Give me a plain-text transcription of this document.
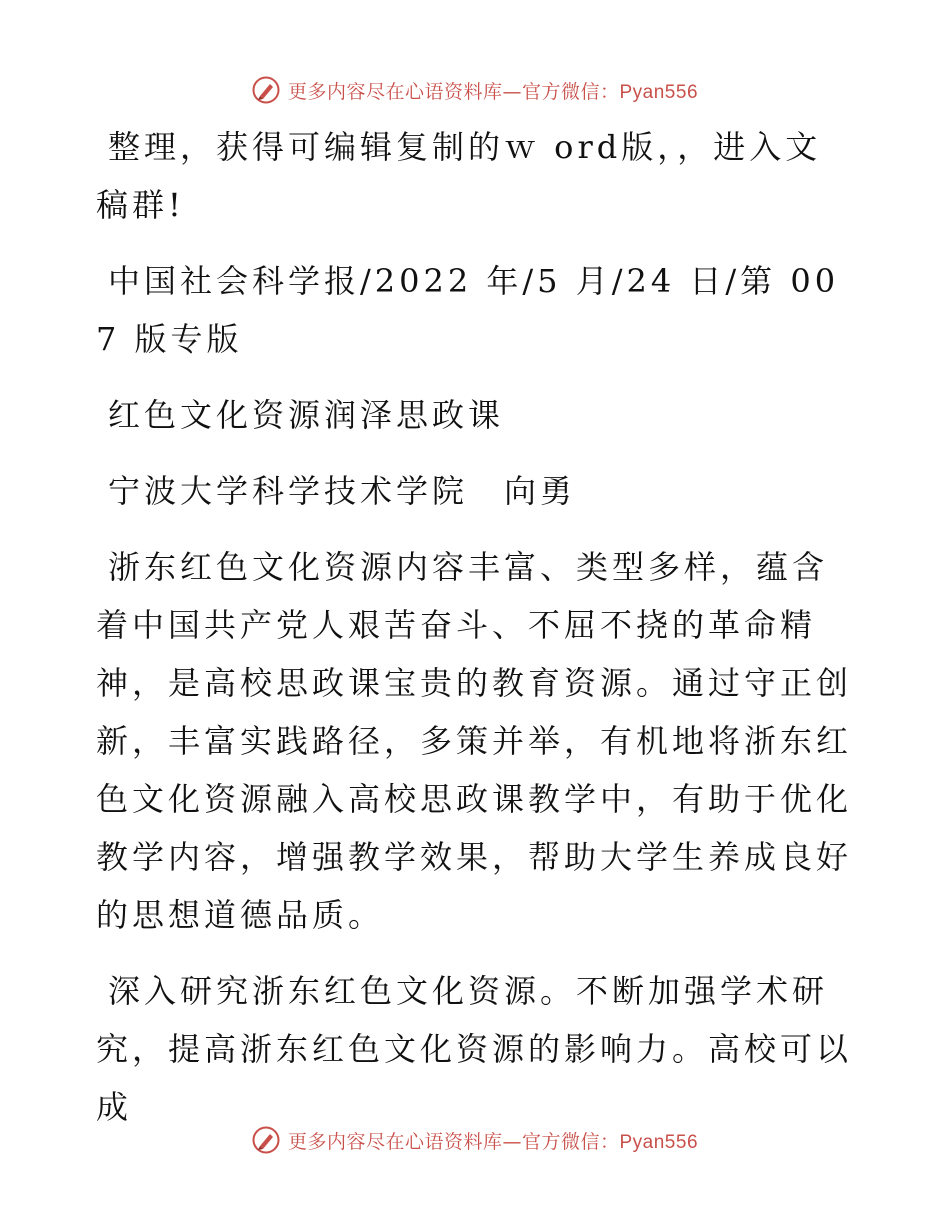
更多内容尽在心语资料库—官方微信：Pyan556

整理，获得可编辑复制的ｗ ord版，，进入文稿群!

中国社会科学报/2022 年/5 月/24 日/第 007 版专版

红色文化资源润泽思政课

宁波大学科学技术学院　向勇

浙东红色文化资源内容丰富、类型多样，蕴含着中国共产党人艰苦奋斗、不屈不挠的革命精神，是高校思政课宝贵的教育资源。通过守正创新，丰富实践路径，多策并举，有机地将浙东红色文化资源融入高校思政课教学中，有助于优化教学内容，增强教学效果，帮助大学生养成良好的思想道德品质。

深入研究浙东红色文化资源。不断加强学术研究，提高浙东红色文化资源的影响力。高校可以成

更多内容尽在心语资料库—官方微信：Pyan556
